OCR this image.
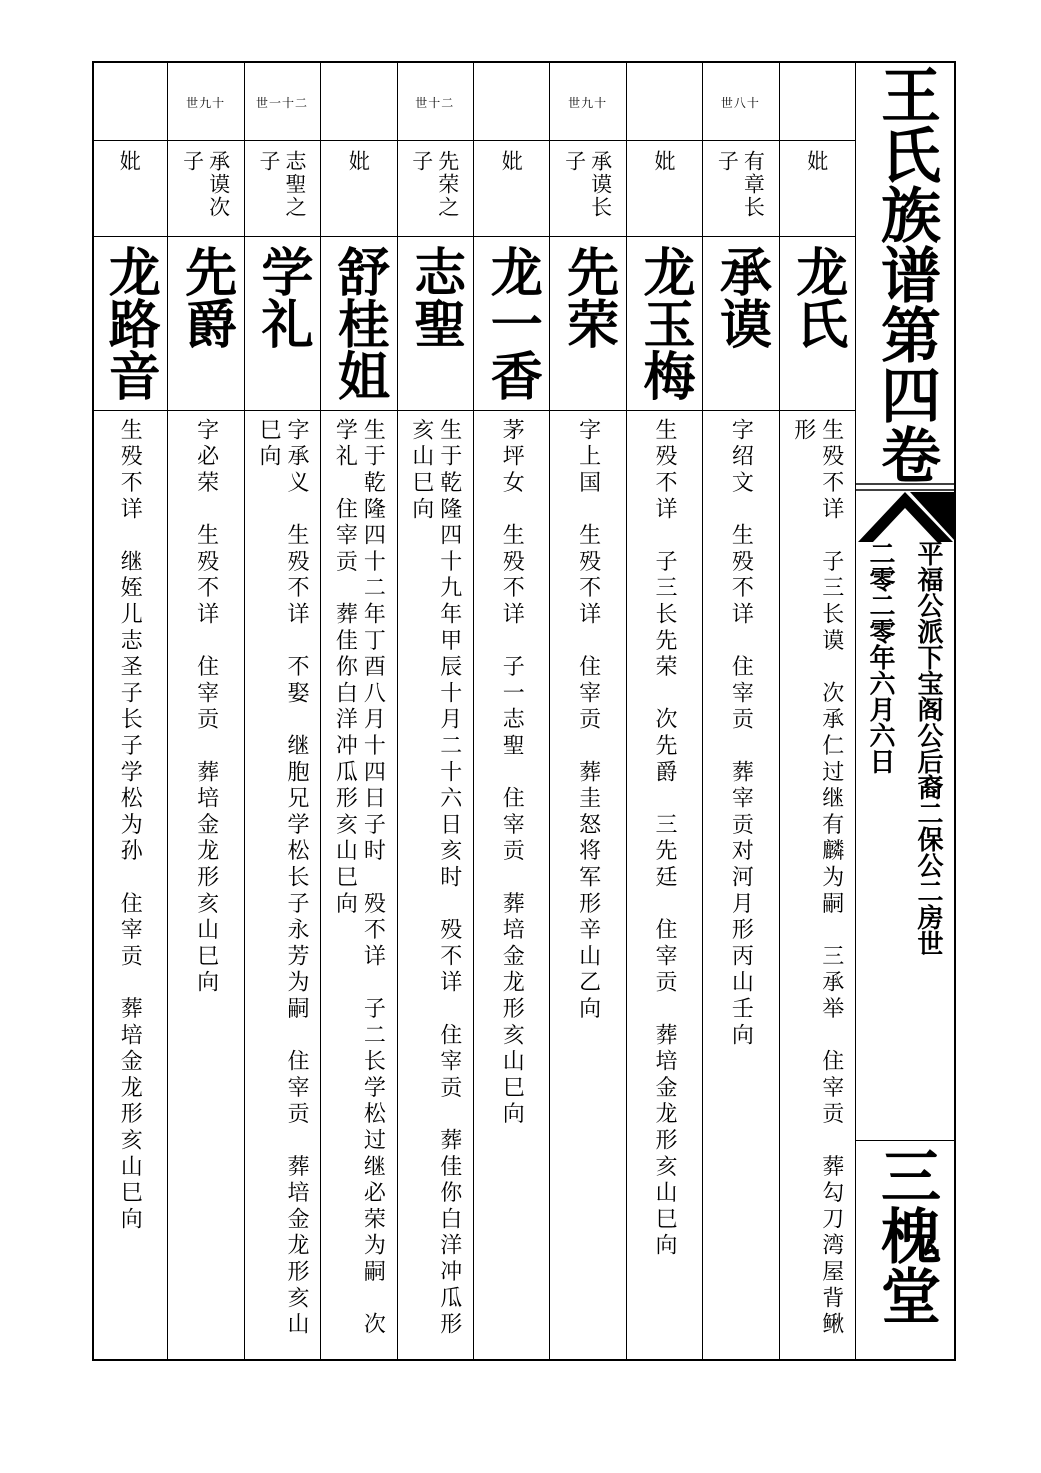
妣
龙氏
生殁不详　子三长谟　次承仁过继有麟为嗣　三承举　住宰贡　葬勾刀湾屋背鳅形
世八十
有章长子
承谟
字绍文　生殁不详　住宰贡　葬宰贡对河月形丙山壬向
妣
龙玉梅
生殁不详　子三长先荣　次先爵　三先廷　住宰贡　葬培金龙形亥山巳向
世九十
承谟长子
先荣
字上国　生殁不详　住宰贡　葬圭怒将军形辛山乙向
妣
龙一香
茅坪女　生殁不详　子一志聖　住宰贡　葬培金龙形亥山巳向
世十二
先荣之子
志聖
生于乾隆四十九年甲辰十月二十六日亥时　殁不详　住宰贡　葬佳你白洋冲瓜形亥山巳向
妣
舒桂姐
生于乾隆四十二年丁酉八月十四日子时　殁不详　子二长学松过继必荣为嗣　次学礼　住宰贡　葬佳你白洋冲瓜形亥山巳向
世一十二
志聖之子
学礼
字承义　生殁不详　不娶　继胞兄学松长子永芳为嗣　住宰贡　葬培金龙形亥山巳向
世九十
承谟次子
先爵
字必荣　生殁不详　住宰贡　葬培金龙形亥山巳向
妣
龙路音
生殁不详　继姪儿志圣子长子学松为孙　住宰贡　葬培金龙形亥山巳向
王氏族谱第四卷
平福公派下宝阁公后裔二保公二房世
二零二零年六月六日
三槐堂
